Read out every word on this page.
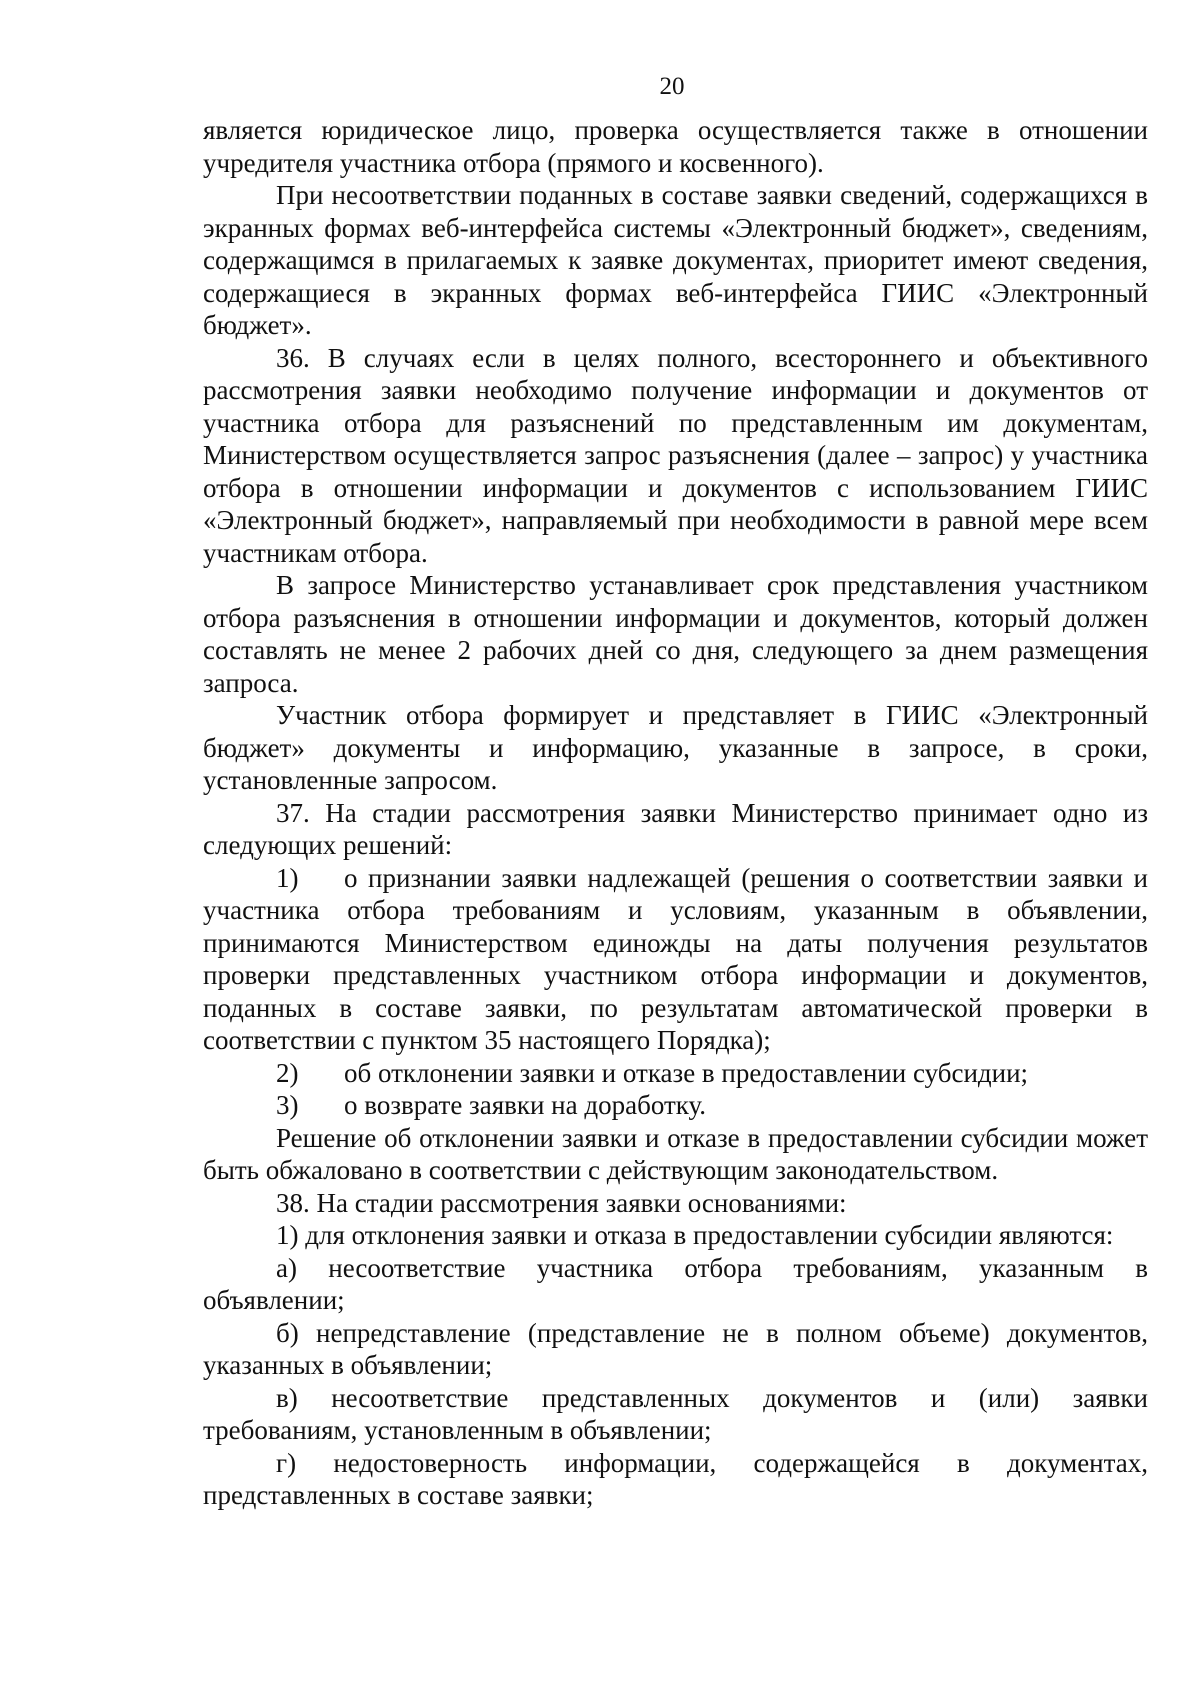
20

является юридическое лицо, проверка осуществляется также в отношении учредителя участника отбора (прямого и косвенного).

При несоответствии поданных в составе заявки сведений, содержащихся в экранных формах веб-интерфейса системы «Электронный бюджет», сведениям, содержащимся в прилагаемых к заявке документах, приоритет имеют сведения, содержащиеся в экранных формах веб-интерфейса ГИИС «Электронный бюджет».

36. В случаях если в целях полного, всестороннего и объективного рассмотрения заявки необходимо получение информации и документов от участника отбора для разъяснений по представленным им документам, Министерством осуществляется запрос разъяснения (далее – запрос) у участника отбора в отношении информации и документов с использованием ГИИС «Электронный бюджет», направляемый при необходимости в равной мере всем участникам отбора.

В запросе Министерство устанавливает срок представления участником отбора разъяснения в отношении информации и документов, который должен составлять не менее 2 рабочих дней со дня, следующего за днем размещения запроса.

Участник отбора формирует и представляет в ГИИС «Электронный бюджет» документы и информацию, указанные в запросе, в сроки, установленные запросом.

37. На стадии рассмотрения заявки Министерство принимает одно из следующих решений:

1) о признании заявки надлежащей (решения о соответствии заявки и участника отбора требованиям и условиям, указанным в объявлении, принимаются Министерством единожды на даты получения результатов проверки представленных участником отбора информации и документов, поданных в составе заявки, по результатам автоматической проверки в соответствии с пунктом 35 настоящего Порядка);

2) об отклонении заявки и отказе в предоставлении субсидии;

3) о возврате заявки на доработку.

Решение об отклонении заявки и отказе в предоставлении субсидии может быть обжаловано в соответствии с действующим законодательством.

38. На стадии рассмотрения заявки основаниями:

1) для отклонения заявки и отказа в предоставлении субсидии являются:

а) несоответствие участника отбора требованиям, указанным в объявлении;

б) непредставление (представление не в полном объеме) документов, указанных в объявлении;

в) несоответствие представленных документов и (или) заявки требованиям, установленным в объявлении;

г) недостоверность информации, содержащейся в документах, представленных в составе заявки;
